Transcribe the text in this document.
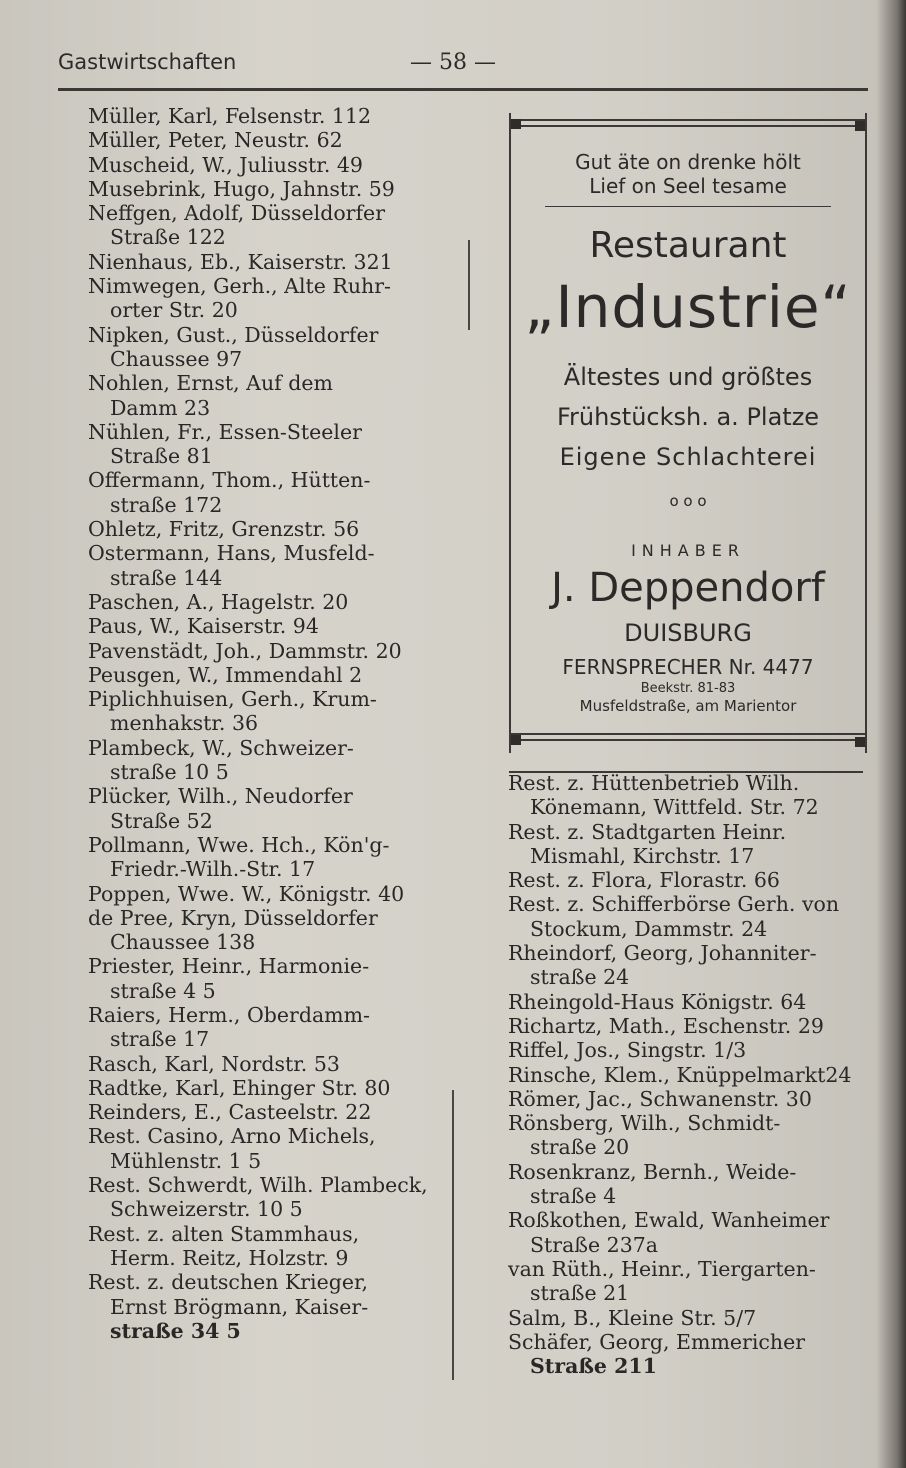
Gastwirtschaften	— 58 —
Müller, Karl, Felsenstr. 112
Müller, Peter, Neustr. 62
Muscheid, W., Juliusstr. 49
Musebrink, Hugo, Jahnstr. 59
Neffgen, Adolf, Düsseldorfer
Straße 122
Nienhaus, Eb., Kaiserstr. 321
Nimwegen, Gerh., Alte Ruhr-
orter Str. 20
Nipken, Gust., Düsseldorfer
Chaussee 97
Nohlen, Ernst, Auf dem
Damm 23
Nühlen, Fr., Essen-Steeler
Straße 81
Offermann, Thom., Hütten-
straße 172
Ohletz, Fritz, Grenzstr. 56
Ostermann, Hans, Musfeld-
straße 144
Paschen, A., Hagelstr. 20
Paus, W., Kaiserstr. 94
Pavenstädt, Joh., Dammstr. 20
Peusgen, W., Immendahl 2
Piplichhuisen, Gerh., Krum-
menhakstr. 36
Plambeck, W., Schweizer-
straße 10 5
Plücker, Wilh., Neudorfer
Straße 52
Pollmann, Wwe. Hch., Kön'g-
Friedr.-Wilh.-Str. 17
Poppen, Wwe. W., Königstr. 40
de Pree, Kryn, Düsseldorfer
Chaussee 138
Priester, Heinr., Harmonie-
straße 4 5
Raiers, Herm., Oberdamm-
straße 17
Rasch, Karl, Nordstr. 53
Radtke, Karl, Ehinger Str. 80
Reinders, E., Casteelstr. 22
Rest. Casino, Arno Michels,
Mühlenstr. 1 5
Rest. Schwerdt, Wilh. Plambeck,
Schweizerstr. 10 5
Rest. z. alten Stammhaus,
Herm. Reitz, Holzstr. 9
Rest. z. deutschen Krieger,
Ernst Brögmann, Kaiser-
straße 34 5
Gut äte on drenke hölt
Lief on Seel tesame
Restaurant
„Industrie“
Ältestes und größtes
Frühstücksh. a. Platze
Eigene Schlachterei
o o o
INHABER
J. Deppendorf
DUISBURG
FERNSPRECHER Nr. 4477
Beekstr. 81-83
Musfeldstraße, am Marientor
Rest. z. Hüttenbetrieb Wilh.
Könemann, Wittfeld. Str. 72
Rest. z. Stadtgarten Heinr.
Mismahl, Kirchstr. 17
Rest. z. Flora, Florastr. 66
Rest. z. Schifferbörse Gerh. von
Stockum, Dammstr. 24
Rheindorf, Georg, Johanniter-
straße 24
Rheingold-Haus Königstr. 64
Richartz, Math., Eschenstr. 29
Riffel, Jos., Singstr. 1/3
Rinsche, Klem., Knüppelmarkt24
Römer, Jac., Schwanenstr. 30
Rönsberg, Wilh., Schmidt-
straße 20
Rosenkranz, Bernh., Weide-
straße 4
Roßkothen, Ewald, Wanheimer
Straße 237a
van Rüth., Heinr., Tiergarten-
straße 21
Salm, B., Kleine Str. 5/7
Schäfer, Georg, Emmericher
Straße 211
